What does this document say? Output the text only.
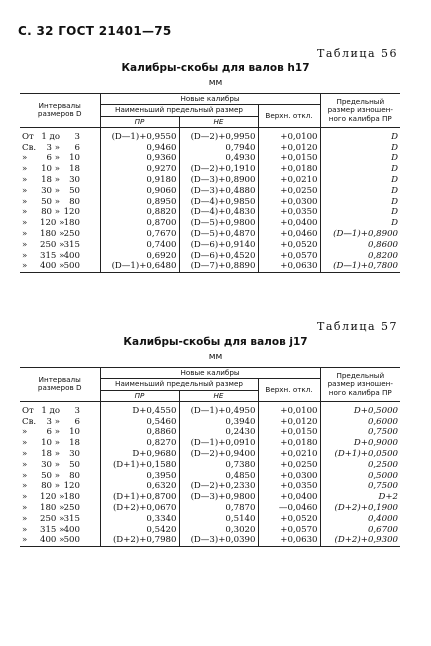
С. 32 ГОСТ 21401—75
Таблица 56
Калибры-скобы для валов h17
мм
Интервалы размеров D	Новые калибры			Предельный размер изношен-ного калибра ПР
	Наименьший предельный размер		Верхн. откл.	
	ПР	НЕ		
От 1 до 3	(D—1)+0,9550	(D—2)+0,9950	+0,0100	D
Св. 3 » 6	0,9460	0,7940	+0,0120	D
» 6 » 10	0,9360	0,4930	+0,0150	D
» 10 » 18	0,9270	(D—2)+0,1910	+0,0180	D
» 18 » 30	0,9180	(D—3)+0,8900	+0,0210	D
» 30 » 50	0,9060	(D—3)+0,4880	+0,0250	D
» 50 » 80	0,8950	(D—4)+0,9850	+0,0300	D
» 80 » 120	0,8820	(D—4)+0,4830	+0,0350	D
» 120 »180	0,8700	(D—5)+0,9800	+0,0400	D
» 180 »250	0,7670	(D—5)+0,4870	+0,0460	(D—1)+0,8900
» 250 »315	0,7400	(D—6)+0,9140	+0,0520	0,8600
» 315 »400	0,6920	(D—6)+0,4520	+0,0570	0,8200
» 400 »500	(D—1)+0,6480	(D—7)+0,8890	+0,0630	(D—1)+0,7800
Таблица 57
Калибры-скобы для валов j17
мм
Интервалы размеров D	Новые калибры			Предельный размер изношен-ного калибра ПР
	Наименьший предельный размер		Верхн. откл.	
	ПР	НЕ		
От 1 до 3	D+0,4550	(D—1)+0,4950	+0,0100	D+0,5000
Св. 3 » 6	0,5460	0,3940	+0,0120	0,6000
» 6 » 10	0,8860	0,2430	+0,0150	0,7500
» 10 » 18	0,8270	(D—1)+0,0910	+0,0180	D+0,9000
» 18 » 30	D+0,9680	(D—2)+0,9400	+0,0210	(D+1)+0,0500
» 30 » 50	(D+1)+0,1580	0,7380	+0,0250	0,2500
» 50 » 80	0,3950	0,4850	+0,0300	0,5000
» 80 » 120	0,6320	(D—2)+0,2330	+0,0350	0,7500
» 120 »180	(D+1)+0,8700	(D—3)+0,9800	+0,0400	D+2
» 180 »250	(D+2)+0,0670	0,7870	—0,0460	(D+2)+0,1900
» 250 »315	0,3340	0,5140	+0,0520	0,4000
» 315 »400	0,5420	0,3020	+0,0570	0,6700
» 400 »500	(D+2)+0,7980	(D—3)+0,0390	+0,0630	(D+2)+0,9300
